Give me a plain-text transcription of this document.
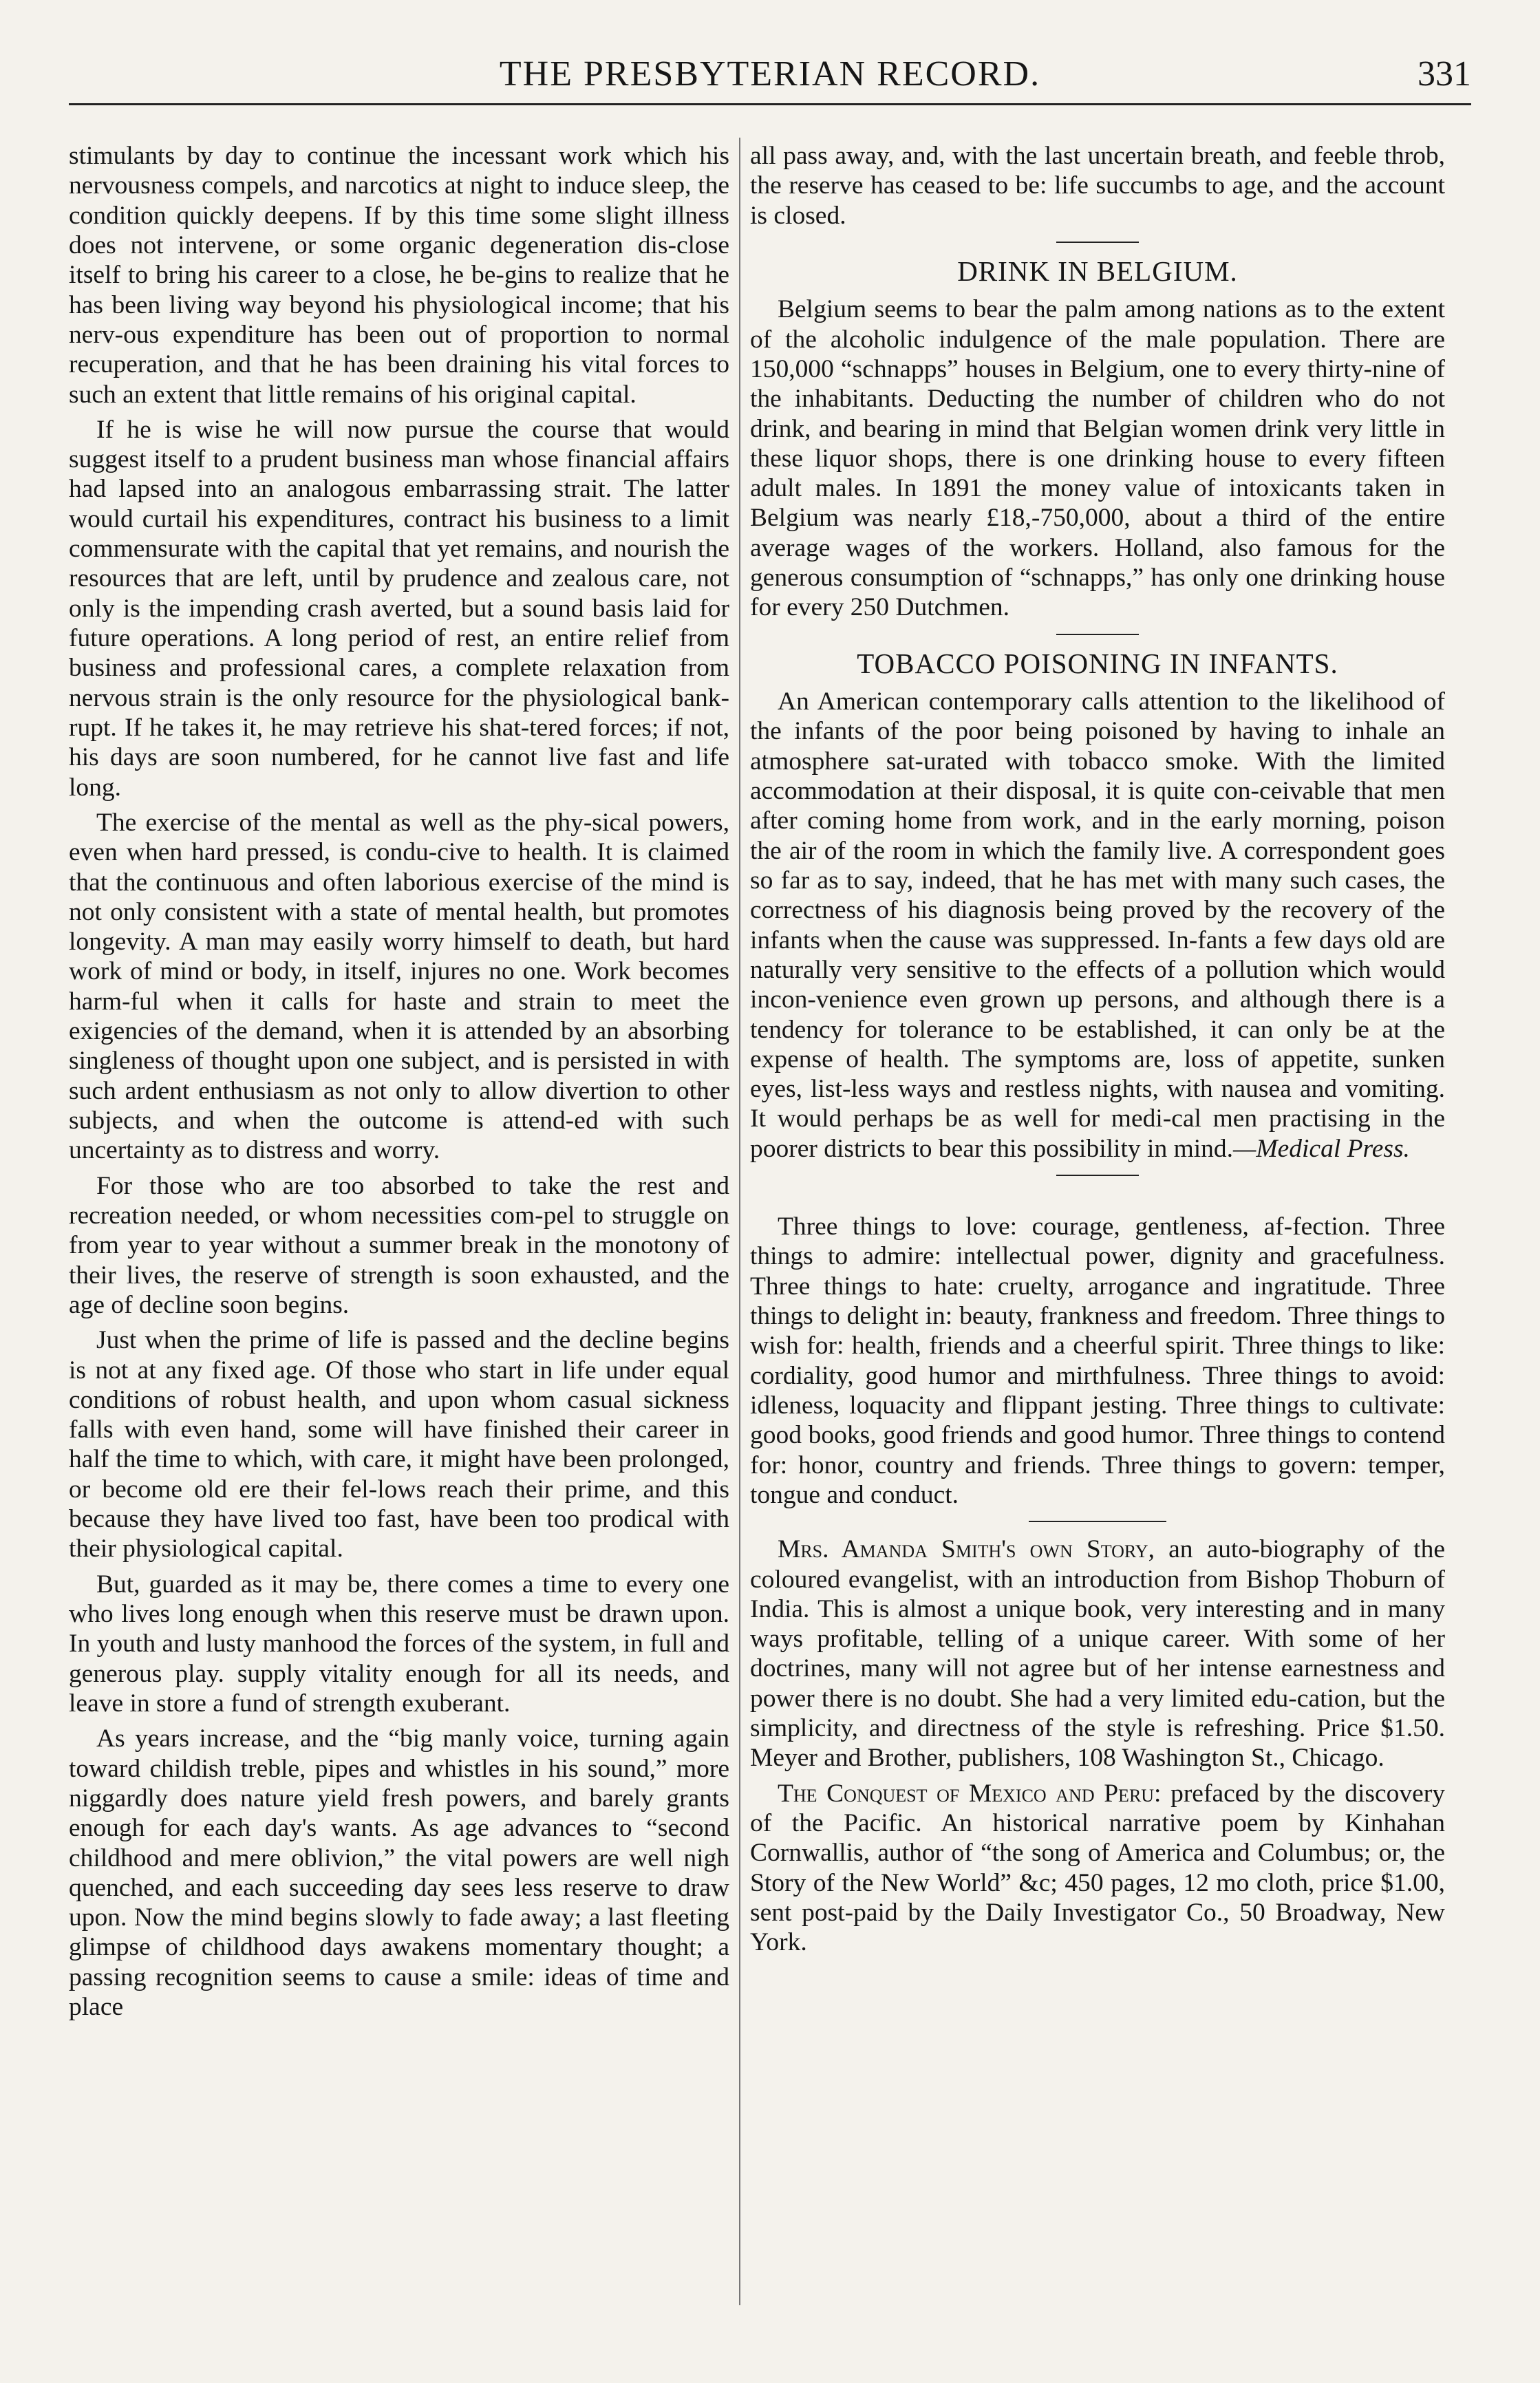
THE PRESBYTERIAN RECORD.	331

stimulants by day to continue the incessant work which his nervousness compels, and narcotics at night to induce sleep, the condition quickly deepens. If by this time some slight illness does not intervene, or some organic degeneration dis-close itself to bring his career to a close, he be-gins to realize that he has been living way beyond his physiological income; that his nerv-ous expenditure has been out of proportion to normal recuperation, and that he has been draining his vital forces to such an extent that little remains of his original capital.

If he is wise he will now pursue the course that would suggest itself to a prudent business man whose financial affairs had lapsed into an analogous embarrassing strait. The latter would curtail his expenditures, contract his business to a limit commensurate with the capital that yet remains, and nourish the resources that are left, until by prudence and zealous care, not only is the impending crash averted, but a sound basis laid for future operations. A long period of rest, an entire relief from business and professional cares, a complete relaxation from nervous strain is the only resource for the physiological bank-rupt. If he takes it, he may retrieve his shat-tered forces; if not, his days are soon numbered, for he cannot live fast and life long.

The exercise of the mental as well as the phy-sical powers, even when hard pressed, is condu-cive to health. It is claimed that the continuous and often laborious exercise of the mind is not only consistent with a state of mental health, but promotes longevity. A man may easily worry himself to death, but hard work of mind or body, in itself, injures no one. Work becomes harm-ful when it calls for haste and strain to meet the exigencies of the demand, when it is attended by an absorbing singleness of thought upon one subject, and is persisted in with such ardent enthusiasm as not only to allow divertion to other subjects, and when the outcome is attend-ed with such uncertainty as to distress and worry.

For those who are too absorbed to take the rest and recreation needed, or whom necessities com-pel to struggle on from year to year without a summer break in the monotony of their lives, the reserve of strength is soon exhausted, and the age of decline soon begins.

Just when the prime of life is passed and the decline begins is not at any fixed age. Of those who start in life under equal conditions of robust health, and upon whom casual sickness falls with even hand, some will have finished their career in half the time to which, with care, it might have been prolonged, or become old ere their fel-lows reach their prime, and this because they have lived too fast, have been too prodical with their physiological capital.

But, guarded as it may be, there comes a time to every one who lives long enough when this reserve must be drawn upon. In youth and lusty manhood the forces of the system, in full and generous play. supply vitality enough for all its needs, and leave in store a fund of strength exuberant.

As years increase, and the “big manly voice, turning again toward childish treble, pipes and whistles in his sound,” more niggardly does nature yield fresh powers, and barely grants enough for each day's wants. As age advances to “second childhood and mere oblivion,” the vital powers are well nigh quenched, and each succeeding day sees less reserve to draw upon. Now the mind begins slowly to fade away; a last fleeting glimpse of childhood days awakens momentary thought; a passing recognition seems to cause a smile: ideas of time and place

all pass away, and, with the last uncertain breath, and feeble throb, the reserve has ceased to be: life succumbs to age, and the account is closed.

DRINK IN BELGIUM.

Belgium seems to bear the palm among nations as to the extent of the alcoholic indulgence of the male population. There are 150,000 “schnapps” houses in Belgium, one to every thirty-nine of the inhabitants. Deducting the number of children who do not drink, and bearing in mind that Belgian women drink very little in these liquor shops, there is one drinking house to every fifteen adult males. In 1891 the money value of intoxicants taken in Belgium was nearly £18,-750,000, about a third of the entire average wages of the workers. Holland, also famous for the generous consumption of “schnapps,” has only one drinking house for every 250 Dutchmen.

TOBACCO POISONING IN INFANTS.

An American contemporary calls attention to the likelihood of the infants of the poor being poisoned by having to inhale an atmosphere sat-urated with tobacco smoke. With the limited accommodation at their disposal, it is quite con-ceivable that men after coming home from work, and in the early morning, poison the air of the room in which the family live. A correspondent goes so far as to say, indeed, that he has met with many such cases, the correctness of his diagnosis being proved by the recovery of the infants when the cause was suppressed. In-fants a few days old are naturally very sensitive to the effects of a pollution which would incon-venience even grown up persons, and although there is a tendency for tolerance to be established, it can only be at the expense of health. The symptoms are, loss of appetite, sunken eyes, list-less ways and restless nights, with nausea and vomiting. It would perhaps be as well for medi-cal men practising in the poorer districts to bear this possibility in mind.—Medical Press.

Three things to love: courage, gentleness, af-fection. Three things to admire: intellectual power, dignity and gracefulness. Three things to hate: cruelty, arrogance and ingratitude. Three things to delight in: beauty, frankness and freedom. Three things to wish for: health, friends and a cheerful spirit. Three things to like: cordiality, good humor and mirthfulness. Three things to avoid: idleness, loquacity and flippant jesting. Three things to cultivate: good books, good friends and good humor. Three things to contend for: honor, country and friends. Three things to govern: temper, tongue and conduct.

Mrs. Amanda Smith's own Story, an auto-biography of the coloured evangelist, with an introduction from Bishop Thoburn of India. This is almost a unique book, very interesting and in many ways profitable, telling of a unique career. With some of her doctrines, many will not agree but of her intense earnestness and power there is no doubt. She had a very limited edu-cation, but the simplicity, and directness of the style is refreshing. Price $1.50. Meyer and Brother, publishers, 108 Washington St., Chicago.

The Conquest of Mexico and Peru: prefaced by the discovery of the Pacific. An historical narrative poem by Kinhahan Cornwallis, author of “the song of America and Columbus; or, the Story of the New World” &c; 450 pages, 12 mo cloth, price $1.00, sent post-paid by the Daily Investigator Co., 50 Broadway, New York.
